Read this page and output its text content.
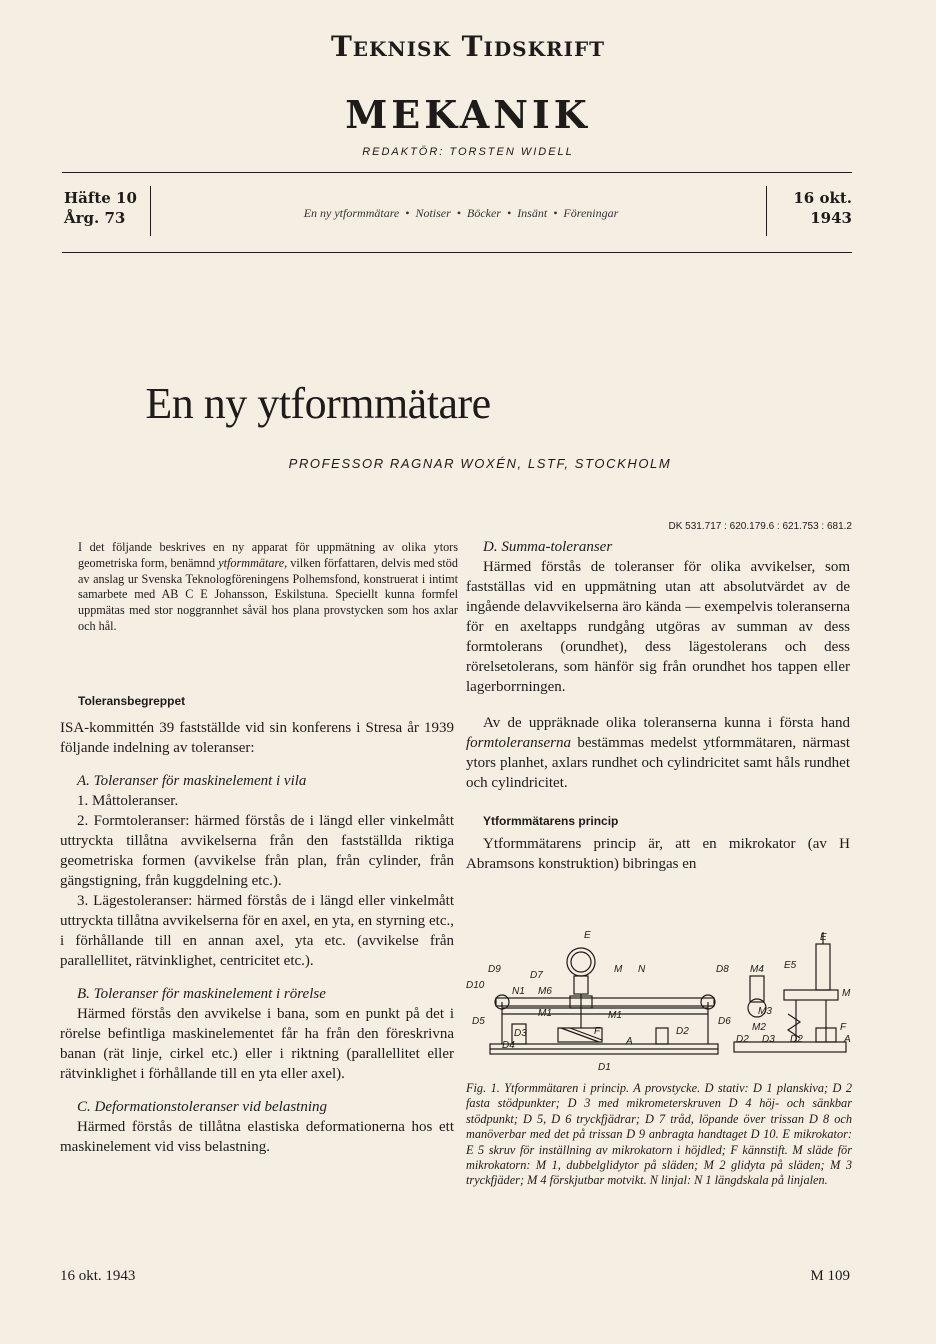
Teknisk Tidskrift
MEKANIK
REDAKTÖR: TORSTEN WIDELL
Häfte 10
Årg. 73	En ny ytformmätare • Notiser • Böcker • Insänt • Föreningar
16 okt.
1943
En ny ytformmätare
PROFESSOR RAGNAR WOXÉN, LSTF, STOCKHOLM
I det följande beskrives en ny apparat för uppmätning av olika ytors geometriska form, benämnd ytformmätare, vilken författaren, delvis med stöd av anslag ur Svenska Teknologföreningens Polhemsfond, konstruerat i intimt samarbete med AB C E Johansson, Eskilstuna. Speciellt kunna formfel uppmätas med stor noggrannhet såväl hos plana provstycken som hos axlar och hål.
DK 531.717 : 620.179.6 : 621.753 : 681.2
Toleransbegreppet

ISA-kommittén 39 fastställde vid sin konferens i Stresa år 1939 följande indelning av toleranser:

A. Toleranser för maskinelement i vila

1. Måttoleranser.

2. Formtoleranser: härmed förstås de i längd eller vinkelmått uttryckta tillåtna avvikelserna från den fastställda riktiga geometriska formen (avvikelse från plan, från cylinder, från gängstigning, från kuggdelning etc.).

3. Lägestoleranser: härmed förstås de i längd eller vinkelmått uttryckta tillåtna avvikelserna för en axel, en yta, en styrning etc., i förhållande till en annan axel, yta etc. (avvikelse från parallellitet, rätvinklighet, centricitet etc.).

B. Toleranser för maskinelement i rörelse

Härmed förstås den avvikelse i bana, som en punkt på det i rörelse befintliga maskinelementet får ha från den föreskrivna banan (rät linje, cirkel etc.) eller i riktning (parallellitet eller rätvinklighet i förhållande till en yta eller axel).

C. Deformationstoleranser vid belastning

Härmed förstås de tillåtna elastiska deformationerna hos ett maskinelement vid viss belastning.

D. Summa-toleranser

Härmed förstås de toleranser för olika avvikelser, som fastställas vid en uppmätning utan att absolutvärdet av de ingående delavvikelserna äro kända — exempelvis toleranserna för en axeltapps rundgång utgöras av summan av dess formtolerans (orundhet), dess lägestolerans och dess rörelsetolerans, som hänför sig från orundhet hos tappen eller lagerborrningen.

Av de uppräknade olika toleranserna kunna i första hand formtoleranserna bestämmas medelst ytformmätaren, närmast ytors planhet, axlars rundhet och cylindricitet samt håls rundhet och cylindricitet.

Ytformmätarens princip

Ytformmätarens princip är, att en mikrokator (av H Abramsons konstruktion) bibringas en

E
D9
D7
M N
D10
N1 M6
D5
M1	M1
D3
D4
F	D2
A
D1
D6
D8 M4 E5
E
M
M3
M2	F
D2 D3 D2	A
Fig. 1. Ytformmätaren i princip. A provstycke. D stativ: D 1 planskiva; D 2 fasta stödpunkter; D 3 med mikrometerskruven D 4 höj- och sänkbar stödpunkt; D 5, D 6 tryckfjädrar; D 7 tråd, löpande över trissan D 8 och manöverbar med det på trissan D 9 anbragta handtaget D 10. E mikrokator: E 5 skruv för inställning av mikrokatorn i höjdled; F kännstift. M släde för mikrokatorn: M 1, dubbelglidytor på släden; M 2 glidyta på släden; M 3 tryckfjäder; M 4 förskjutbar motvikt. N linjal: N 1 längdskala på linjalen.
16 okt. 1943	M 109
